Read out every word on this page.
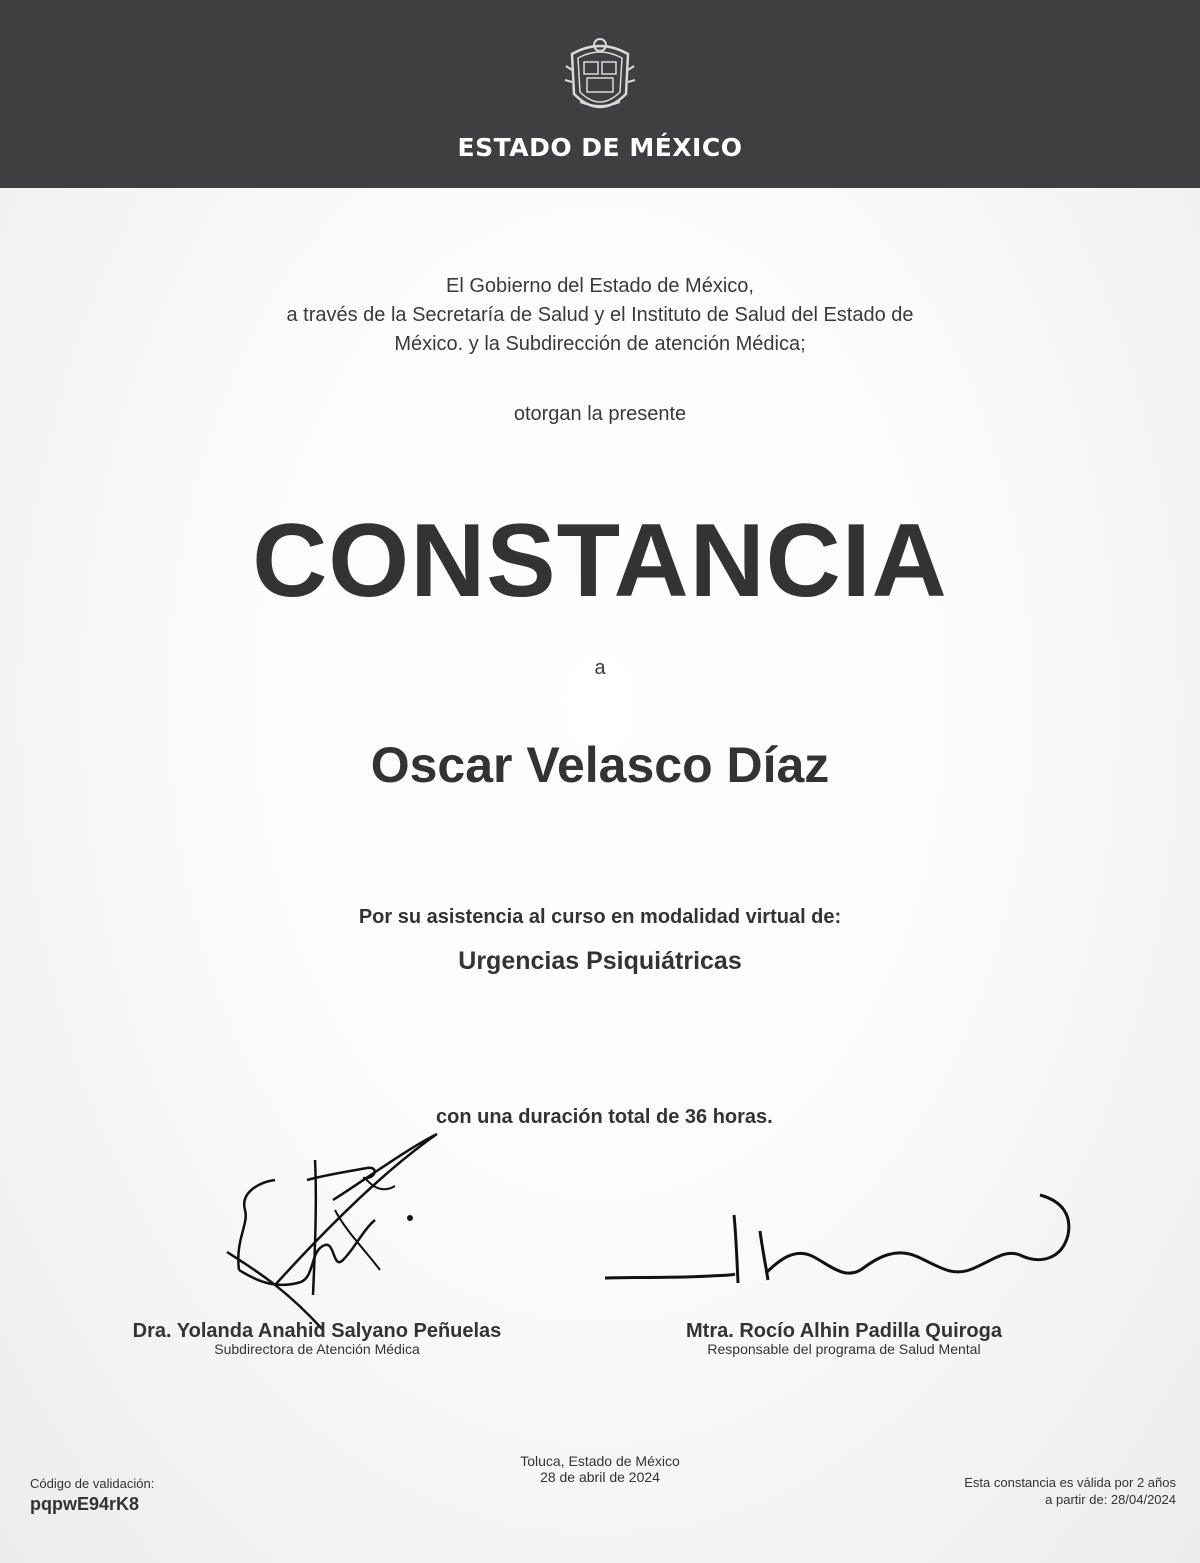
ESTADO DE MÉXICO
El Gobierno del Estado de México,
a través de la Secretaría de Salud y el Instituto de Salud del Estado de
México. y la Subdirección de atención Médica;
otorgan la presente
CONSTANCIA
a
Oscar Velasco Díaz
Por su asistencia al curso en modalidad virtual de:
Urgencias Psiquiátricas
con una duración total de 36 horas.
Dra. Yolanda Anahid Salyano Peñuelas
Subdirectora de Atención Médica
Mtra. Rocío Alhin Padilla Quiroga
Responsable del programa de Salud Mental
Toluca, Estado de México
28 de abril de 2024
Código de validación:
pqpwE94rK8
Esta constancia es válida por 2 años
a partir de: 28/04/2024
